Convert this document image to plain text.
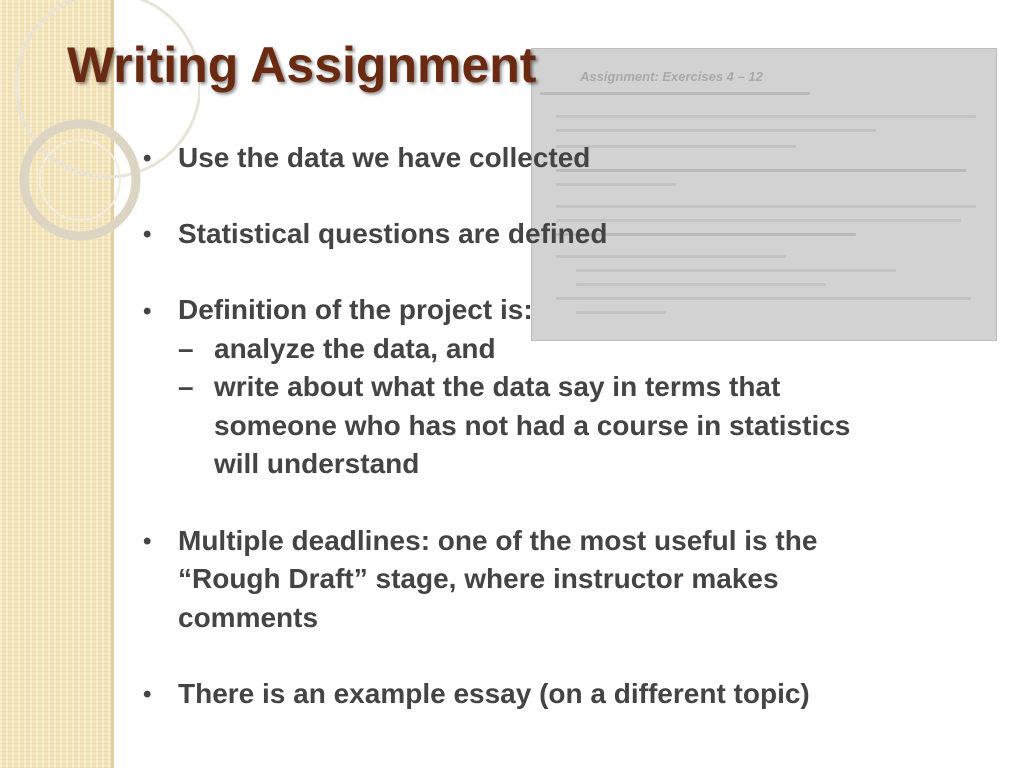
Assignment: Exercises 4 – 12
Writing Assignment
• Use the data we have collected
• Statistical questions are defined
• Definition of the project is:
– analyze the data, and
– write about what the data say in terms that
someone who has not had a course in statistics
will understand
• Multiple deadlines: one of the most useful is the
“Rough Draft” stage, where instructor makes
comments
• There is an example essay (on a different topic)
